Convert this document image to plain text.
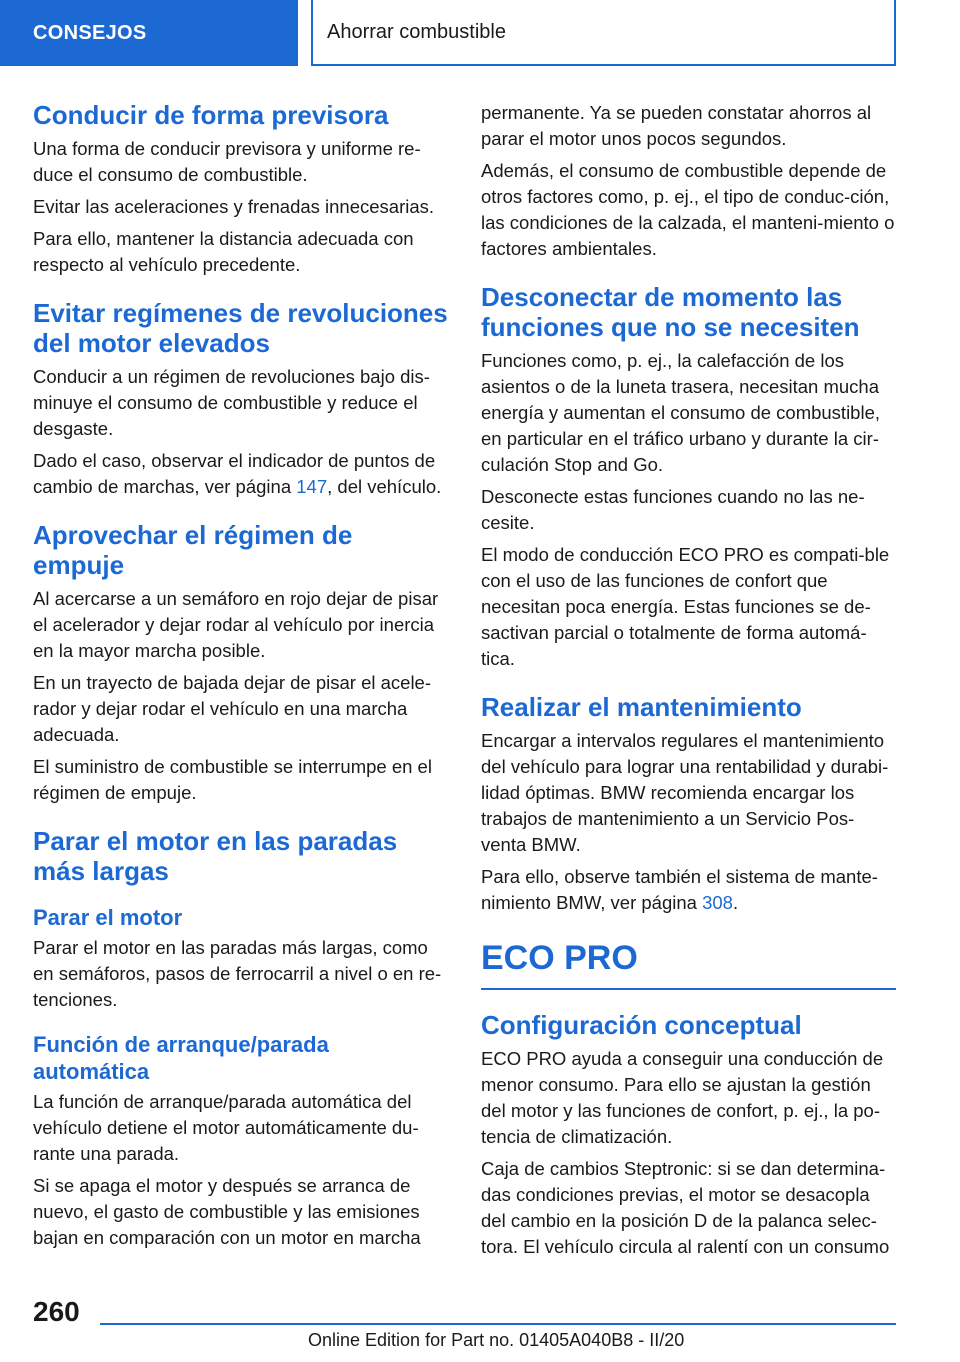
CONSEJOS	Ahorrar combustible
Conducir de forma previsora

Una forma de conducir previsora y uniforme re‐duce el consumo de combustible.

Evitar las aceleraciones y frenadas innecesarias.

Para ello, mantener la distancia adecuada con respecto al vehículo precedente.

Evitar regímenes de revoluciones del motor elevados

Conducir a un régimen de revoluciones bajo dis‐minuye el consumo de combustible y reduce el desgaste.

Dado el caso, observar el indicador de puntos de cambio de marchas, ver página 147, del vehículo.

Aprovechar el régimen de empuje

Al acercarse a un semáforo en rojo dejar de pisar el acelerador y dejar rodar al vehículo por inercia en la mayor marcha posible.

En un trayecto de bajada dejar de pisar el acele‐rador y dejar rodar el vehículo en una marcha adecuada.

El suministro de combustible se interrumpe en el régimen de empuje.

Parar el motor en las paradas más largas
Parar el motor

Parar el motor en las paradas más largas, como en semáforos, pasos de ferrocarril a nivel o en re‐tenciones.

Función de arranque/parada automática

La función de arranque/parada automática del vehículo detiene el motor automáticamente du‐rante una parada.

Si se apaga el motor y después se arranca de nuevo, el gasto de combustible y las emisiones bajan en comparación con un motor en marcha

permanente. Ya se pueden constatar ahorros al parar el motor unos pocos segundos.

Además, el consumo de combustible depende de otros factores como, p. ej., el tipo de conduc‐ción, las condiciones de la calzada, el manteni‐miento o factores ambientales.

Desconectar de momento las funciones que no se necesiten

Funciones como, p. ej., la calefacción de los asientos o de la luneta trasera, necesitan mucha energía y aumentan el consumo de combustible, en particular en el tráfico urbano y durante la cir‐culación Stop and Go.

Desconecte estas funciones cuando no las ne‐cesite.

El modo de conducción ECO PRO es compati‐ble con el uso de las funciones de confort que necesitan poca energía. Estas funciones se de‐sactivan parcial o totalmente de forma automá‐tica.

Realizar el mantenimiento

Encargar a intervalos regulares el mantenimiento del vehículo para lograr una rentabilidad y durabi‐lidad óptimas. BMW recomienda encargar los trabajos de mantenimiento a un Servicio Pos‐venta BMW.

Para ello, observe también el sistema de mante‐nimiento BMW, ver página 308.

ECO PRO
Configuración conceptual

ECO PRO ayuda a conseguir una conducción de menor consumo. Para ello se ajustan la gestión del motor y las funciones de confort, p. ej., la po‐tencia de climatización.

Caja de cambios Steptronic: si se dan determina‐das condiciones previas, el motor se desacopla del cambio en la posición D de la palanca selec‐tora. El vehículo circula al ralentí con un consumo

260
Online Edition for Part no. 01405A040B8 - II/20
